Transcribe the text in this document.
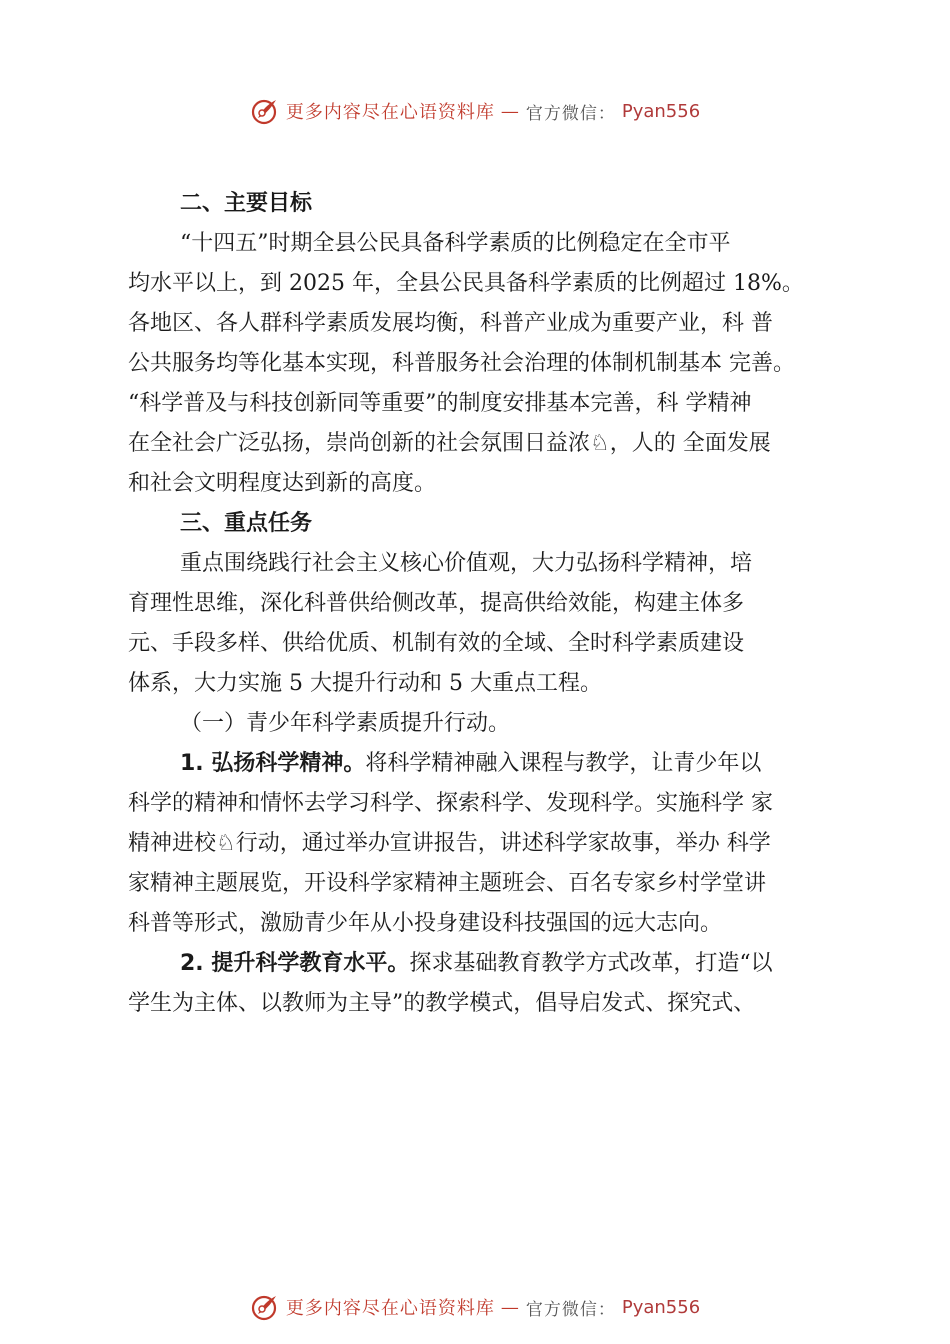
更多内容尽在心语资料库 — 官方微信： Pyan556
二、主要目标
“十四五”时期全县公民具备科学素质的比例稳定在全市平
均水平以上，到 2025 年，全县公民具备科学素质的比例超过 18%。
各地区、各人群科学素质发展均衡，科普产业成为重要产业，科 普
公共服务均等化基本实现，科普服务社会治理的体制机制基本 完善。
“科学普及与科技创新同等重要”的制度安排基本完善，科 学精神
在全社会广泛弘扬，崇尚创新的社会氛围日益浓♘，人的 全面发展
和社会文明程度达到新的高度。
三、重点任务
重点围绕践行社会主义核心价值观，大力弘扬科学精神，培
育理性思维，深化科普供给侧改革，提高供给效能，构建主体多
元、手段多样、供给优质、机制有效的全域、全时科学素质建设
体系，大力实施 5 大提升行动和 5 大重点工程。
（一）青少年科学素质提升行动。
1. 弘扬科学精神。将科学精神融入课程与教学，让青少年以
科学的精神和情怀去学习科学、探索科学、发现科学。实施科学 家
精神进校♘行动，通过举办宣讲报告，讲述科学家故事，举办 科学
家精神主题展览，开设科学家精神主题班会、百名专家乡村学堂讲
科普等形式，激励青少年从小投身建设科技强国的远大志向。
2. 提升科学教育水平。探求基础教育教学方式改革，打造“以
学生为主体、以教师为主导”的教学模式，倡导启发式、探究式、
更多内容尽在心语资料库 — 官方微信： Pyan556
